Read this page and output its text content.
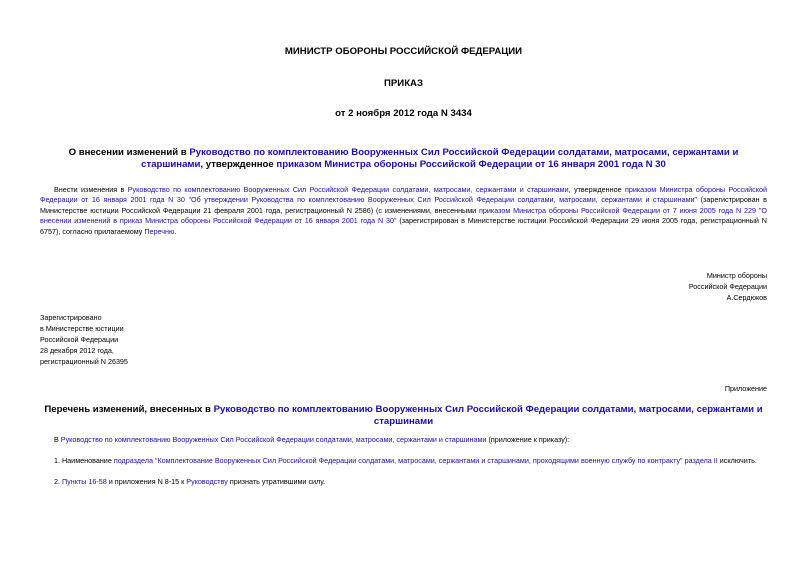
МИНИСТР ОБОРОНЫ РОССИЙСКОЙ ФЕДЕРАЦИИ
ПРИКАЗ
от 2 ноября 2012 года N 3434
О внесении изменений в Руководство по комплектованию Вооруженных Сил Российской Федерации солдатами, матросами, сержантами и старшинами, утвержденное приказом Министра обороны Российской Федерации от 16 января 2001 года N 30
Внести изменения в Руководство по комплектованию Вооруженных Сил Российской Федерации солдатами, матросами, сержантами и старшинами, утвержденное приказом Министра обороны Российской Федерации от 16 января 2001 года N 30 "Об утверждении Руководства по комплектованию Вооруженных Сил Российской Федерации солдатами, матросами, сержантами и старшинами" (зарегистрирован в Министерстве юстиции Российской Федерации 21 февраля 2001 года, регистрационный N 2586) (с изменениями, внесенными приказом Министра обороны Российской Федерации от 7 июня 2005 года N 229 "О внесении изменений в приказ Министра обороны Российской Федерации от 16 января 2001 года N 30" (зарегистрирован в Министерстве юстиции Российской Федерации 29 июня 2005 года, регистрационный N 6757), согласно прилагаемому Перечню.
Министр обороны
Российской Федерации
А.Сердюков
Зарегистрировано
в Министерстве юстиции
Российской Федерации
28 декабря 2012 года,
регистрационный N 26395
Приложение
Перечень изменений, внесенных в Руководство по комплектованию Вооруженных Сил Российской Федерации солдатами, матросами, сержантами и старшинами
В Руководство по комплектованию Вооруженных Сил Российской Федерации солдатами, матросами, сержантами и старшинами (приложение к приказу):
1. Наименование подраздела "Комплектование Вооруженных Сил Российской Федерации солдатами, матросами, сержантами и старшинами, проходящими военную службу по контракту" раздела II исключить.
2. Пункты 16-58 и приложения N 8-15 к Руководству признать утратившими силу.
